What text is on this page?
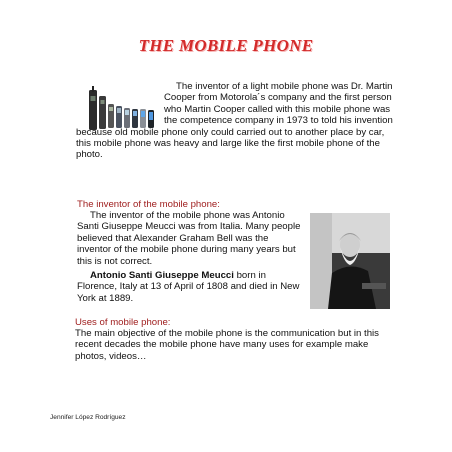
THE MOBILE PHONE
The inventor of a light mobile phone was Dr. Martin Cooper from Motorola´s company and the first person who Martin Cooper called with this mobile phone was the competence company in 1973 to told his invention because old mobile phone only could carried out to another place by car, this mobile phone was heavy and large like the first mobile phone of the photo.
The inventor of the mobile phone:
The inventor of the mobile phone was Antonio Santi Giuseppe Meucci was from Italia. Many people believed that Alexander Graham Bell was the inventor of the mobile phone during many years but this is not correct.
Antonio Santi Giuseppe Meucci born in Florence, Italy at 13 of April of 1808 and died in New York at 1889.
Uses of mobile phone:
The main objective of the mobile phone is the communication but in this recent decades the mobile phone have many uses for example make photos, videos…
Jennifer López Rodríguez
